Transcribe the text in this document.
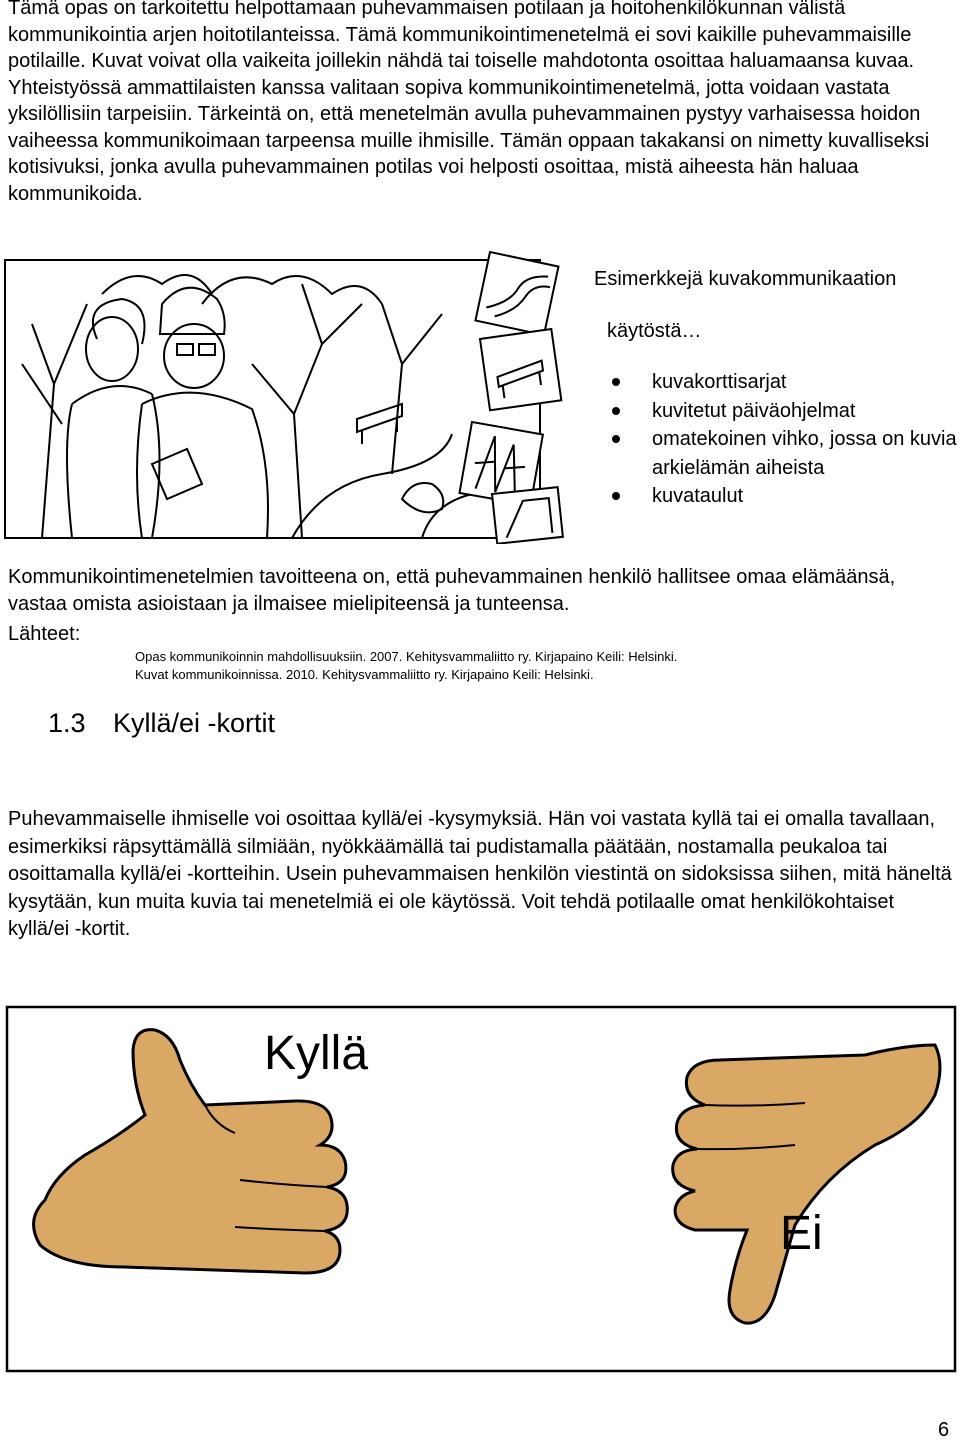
Tämä opas on tarkoitettu helpottamaan puhevammaisen potilaan ja hoitohenkilökunnan välistä kommunikointia arjen hoitotilanteissa. Tämä kommunikointimenetelmä ei sovi kaikille puhevammaisille potilaille. Kuvat voivat olla vaikeita joillekin nähdä tai toiselle mahdotonta osoittaa haluamaansa kuvaa. Yhteistyössä ammattilaisten kanssa valitaan sopiva kommunikointimenetelmä, jotta voidaan vastata yksilöllisiin tarpeisiin. Tärkeintä on, että menetelmän avulla puhevammainen pystyy varhaisessa hoidon vaiheessa kommunikoimaan tarpeensa muille ihmisille. Tämän oppaan takakansi on nimetty kuvalliseksi kotisivuksi, jonka avulla puhevammainen potilas voi helposti osoittaa, mistä aiheesta hän haluaa kommunikoida.

Esimerkkejä kuvakommunikaation
käytöstä…
kuvakorttisarjat
kuvitetut päiväohjelmat
omatekoinen vihko, jossa on kuvia arkielämän aiheista
kuvataulut

Kommunikointimenetelmien tavoitteena on, että puhevammainen henkilö hallitsee omaa elämäänsä, vastaa omista asioistaan ja ilmaisee mielipiteensä ja tunteensa.

Lähteet:
Opas kommunikoinnin mahdollisuuksiin. 2007. Kehitysvammaliitto ry. Kirjapaino Keili: Helsinki.
Kuvat kommunikoinnissa. 2010. Kehitysvammaliitto ry. Kirjapaino Keili: Helsinki.
1.3 Kyllä/ei -kortit

Puhevammaiselle ihmiselle voi osoittaa kyllä/ei -kysymyksiä. Hän voi vastata kyllä tai ei omalla tavallaan, esimerkiksi räpsyttämällä silmiään, nyökkäämällä tai pudistamalla päätään, nostamalla peukaloa tai osoittamalla kyllä/ei -kortteihin. Usein puhevammaisen henkilön viestintä on sidoksissa siihen, mitä häneltä kysytään, kun muita kuvia tai menetelmiä ei ole käytössä. Voit tehdä potilaalle omat henkilökohtaiset kyllä/ei -kortit.

Kyllä
Ei
6
